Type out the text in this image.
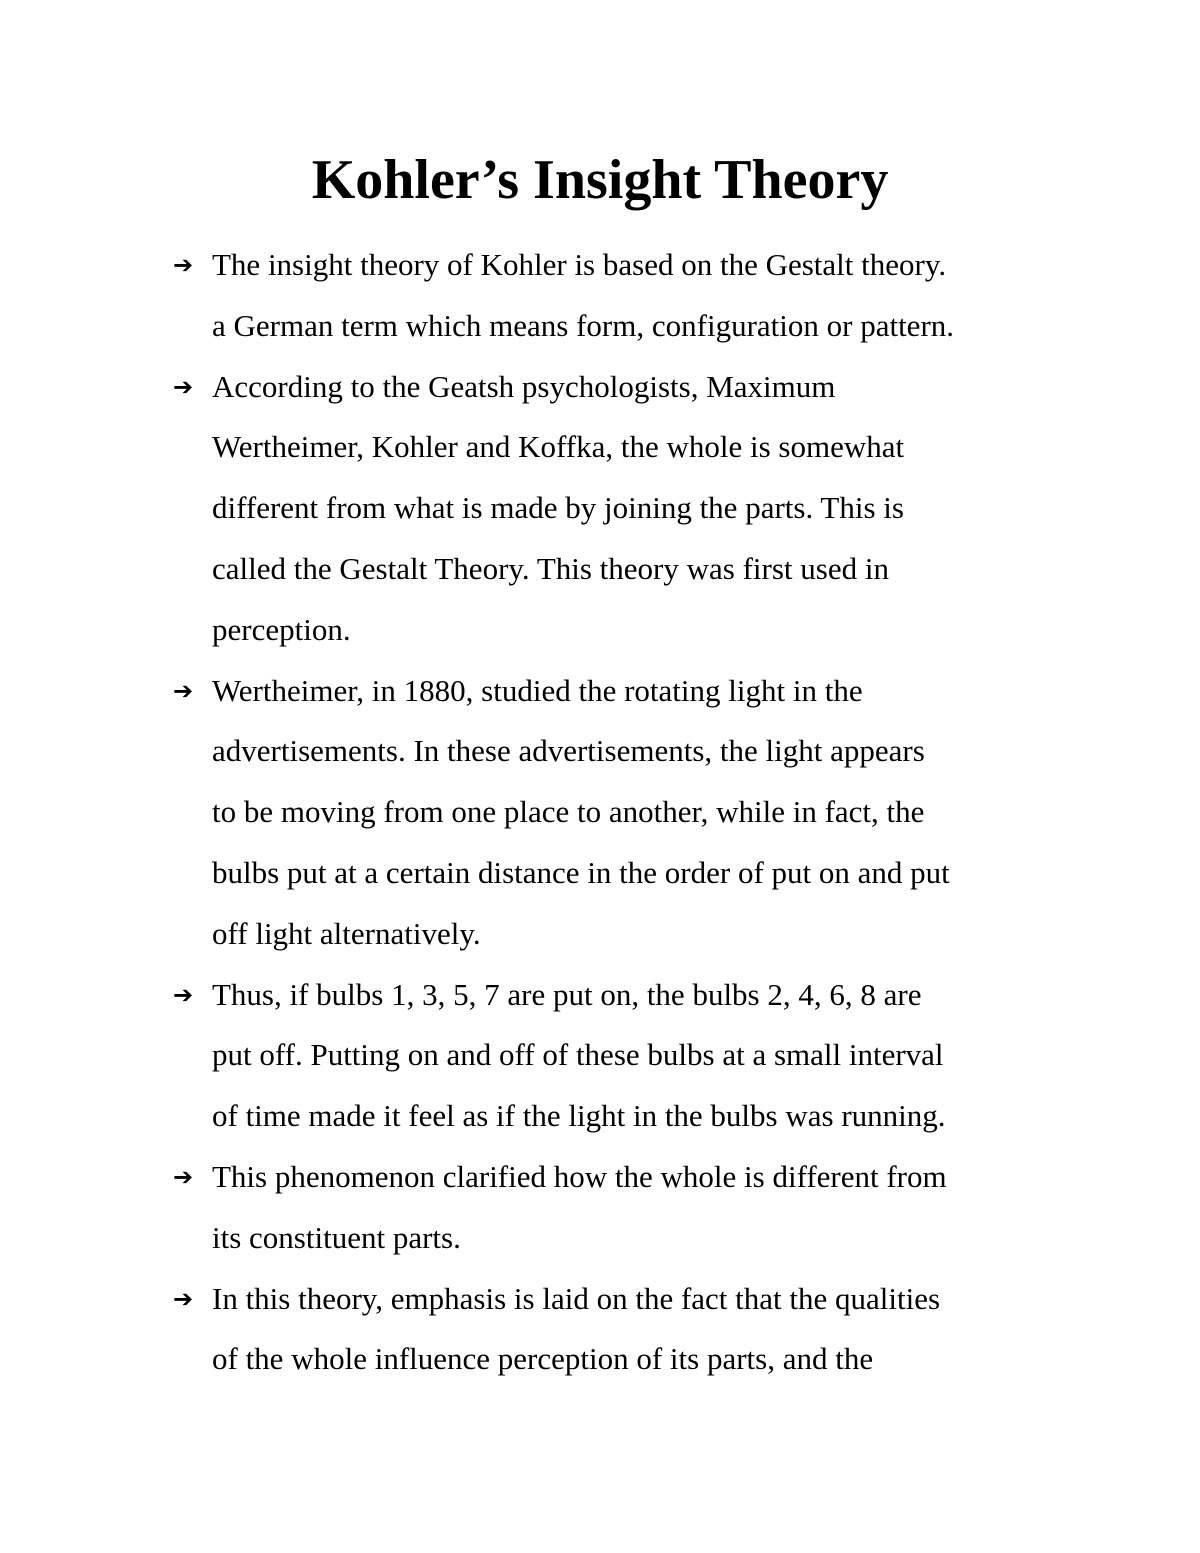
Kohler’s Insight Theory
➔ The insight theory of Kohler is based on the Gestalt theory.
a German term which means form, configuration or pattern.
➔ According to the Geatsh psychologists, Maximum
Wertheimer, Kohler and Koffka, the whole is somewhat
different from what is made by joining the parts. This is
called the Gestalt Theory. This theory was first used in
perception.
➔ Wertheimer, in 1880, studied the rotating light in the
advertisements. In these advertisements, the light appears
to be moving from one place to another, while in fact, the
bulbs put at a certain distance in the order of put on and put
off light alternatively.
➔ Thus, if bulbs 1, 3, 5, 7 are put on, the bulbs 2, 4, 6, 8 are
put off. Putting on and off of these bulbs at a small interval
of time made it feel as if the light in the bulbs was running.
➔ This phenomenon clarified how the whole is different from
its constituent parts.
➔ In this theory, emphasis is laid on the fact that the qualities
of the whole influence perception of its parts, and the
